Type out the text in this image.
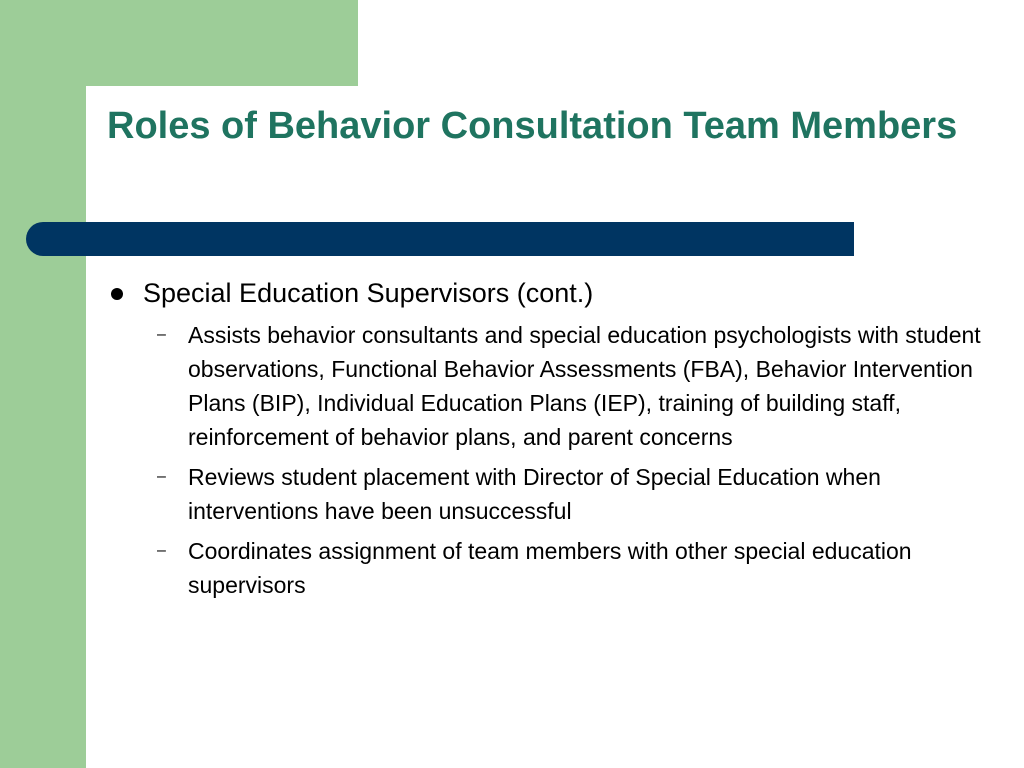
Roles of Behavior Consultation Team Members
Special Education Supervisors (cont.)
– Assists behavior consultants and special education psychologists with student observations, Functional Behavior Assessments (FBA), Behavior Intervention Plans (BIP), Individual Education Plans (IEP), training of building staff, reinforcement of behavior plans, and parent concerns
– Reviews student placement with Director of Special Education when interventions have been unsuccessful
– Coordinates assignment of team members with other special education supervisors
